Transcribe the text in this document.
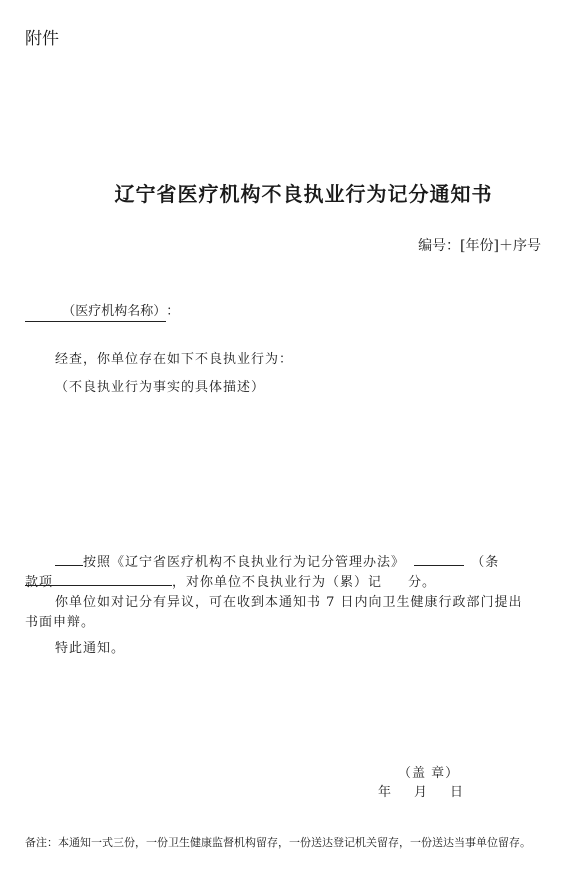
附件
辽宁省医疗机构不良执业行为记分通知书
编号：[年份]＋序号
（医疗机构名称）：
经查，你单位存在如下不良执业行为：
（不良执业行为事实的具体描述）
按照《辽宁省医疗机构不良执业行为记分管理办法》	（条
款项	，对你单位不良执业行为（累）记 分。
你单位如对记分有异议，可在收到本通知书 7 日内向卫生健康行政部门提出
书面申辩。
特此通知。
（盖 章）
年 月 日
备注：本通知一式三份，一份卫生健康监督机构留存，一份送达登记机关留存，一份送达当事单位留存。
